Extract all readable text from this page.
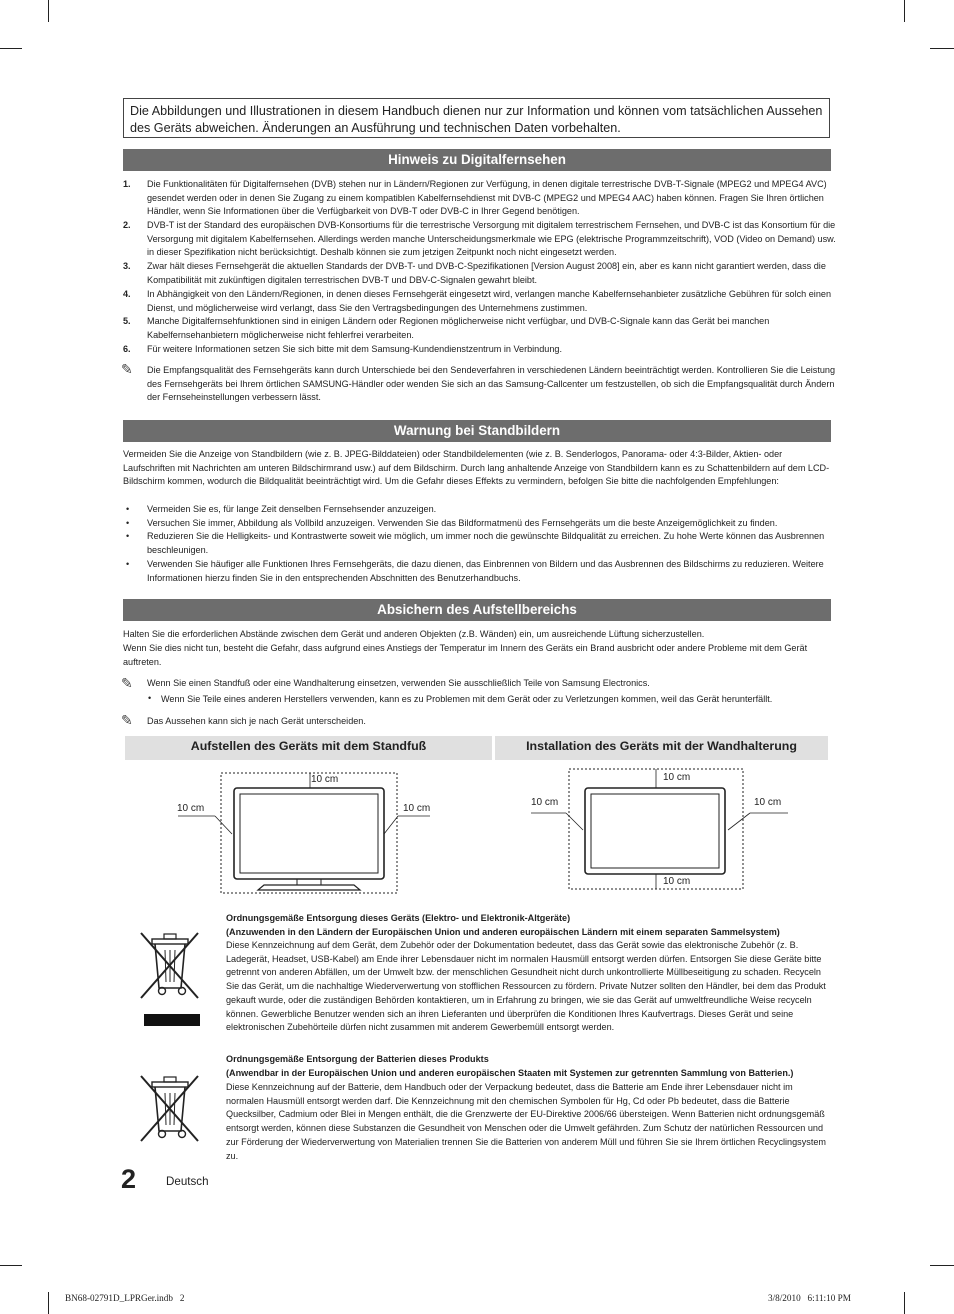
Die Abbildungen und Illustrationen in diesem Handbuch dienen nur zur Information und können vom tatsächlichen Aussehen des Geräts abweichen. Änderungen an Ausführung und technischen Daten vorbehalten.
Hinweis zu Digitalfernsehen
1. Die Funktionalitäten für Digitalfernsehen (DVB) stehen nur in Ländern/Regionen zur Verfügung, in denen digitale terrestrische DVB-T-Signale (MPEG2 und MPEG4 AVC) gesendet werden oder in denen Sie Zugang zu einem kompatiblen Kabelfernsehdienst mit DVB-C (MPEG2 und MPEG4 AAC) haben können. Fragen Sie Ihren örtlichen Händler, wenn Sie Informationen über die Verfügbarkeit von DVB-T oder DVB-C in Ihrer Gegend benötigen.
2. DVB-T ist der Standard des europäischen DVB-Konsortiums für die terrestrische Versorgung mit digitalem terrestrischem Fernsehen, und DVB-C ist das Konsortium für die Versorgung mit digitalem Kabelfernsehen. Allerdings werden manche Unterscheidungsmerkmale wie EPG (elektrische Programmzeitschrift), VOD (Video on Demand) usw. in dieser Spezifikation nicht berücksichtigt. Deshalb können sie zum jetzigen Zeitpunkt noch nicht eingesetzt werden.
3. Zwar hält dieses Fernsehgerät die aktuellen Standards der DVB-T- und DVB-C-Spezifikationen [Version August 2008] ein, aber es kann nicht garantiert werden, dass die Kompatibilität mit zukünftigen digitalen terrestrischen DVB-T und DBV-C-Signalen gewahrt bleibt.
4. In Abhängigkeit von den Ländern/Regionen, in denen dieses Fernsehgerät eingesetzt wird, verlangen manche Kabelfernsehanbieter zusätzliche Gebühren für solch einen Dienst, und möglicherweise wird verlangt, dass Sie den Vertragsbedingungen des Unternehmens zustimmen.
5. Manche Digitalfernsehfunktionen sind in einigen Ländern oder Regionen möglicherweise nicht verfügbar, und DVB-C-Signale kann das Gerät bei manchen Kabelfernsehanbietern möglicherweise nicht fehlerfrei verarbeiten.
6. Für weitere Informationen setzen Sie sich bitte mit dem Samsung-Kundendienstzentrum in Verbindung.
✎ Die Empfangsqualität des Fernsehgeräts kann durch Unterschiede bei den Sendeverfahren in verschiedenen Ländern beeinträchtigt werden. Kontrollieren Sie die Leistung des Fernsehgeräts bei Ihrem örtlichen SAMSUNG-Händler oder wenden Sie sich an das Samsung-Callcenter um festzustellen, ob sich die Empfangsqualität durch Ändern der Fernseheinstellungen verbessern lässt.
Warnung bei Standbildern
Vermeiden Sie die Anzeige von Standbildern (wie z. B. JPEG-Bilddateien) oder Standbildelementen (wie z. B. Senderlogos, Panorama- oder 4:3-Bilder, Aktien- oder Laufschriften mit Nachrichten am unteren Bildschirmrand usw.) auf dem Bildschirm. Durch lang anhaltende Anzeige von Standbildern kann es zu Schattenbildern auf dem LCD-Bildschirm kommen, wodurch die Bildqualität beeinträchtigt wird. Um die Gefahr dieses Effekts zu vermindern, befolgen Sie bitte die nachfolgenden Empfehlungen:
• Vermeiden Sie es, für lange Zeit denselben Fernsehsender anzuzeigen.
• Versuchen Sie immer, Abbildung als Vollbild anzuzeigen. Verwenden Sie das Bildformatmenü des Fernsehgeräts um die beste Anzeigemöglichkeit zu finden.
• Reduzieren Sie die Helligkeits- und Kontrastwerte soweit wie möglich, um immer noch die gewünschte Bildqualität zu erreichen. Zu hohe Werte können das Ausbrennen beschleunigen.
• Verwenden Sie häufiger alle Funktionen Ihres Fernsehgeräts, die dazu dienen, das Einbrennen von Bildern und das Ausbrennen des Bildschirms zu reduzieren. Weitere Informationen hierzu finden Sie in den entsprechenden Abschnitten des Benutzerhandbuchs.
Absichern des Aufstellbereichs
Halten Sie die erforderlichen Abstände zwischen dem Gerät und anderen Objekten (z.B. Wänden) ein, um ausreichende Lüftung sicherzustellen.
Wenn Sie dies nicht tun, besteht die Gefahr, dass aufgrund eines Anstiegs der Temperatur im Innern des Geräts ein Brand ausbricht oder andere Probleme mit dem Gerät auftreten.
✎ Wenn Sie einen Standfuß oder eine Wandhalterung einsetzen, verwenden Sie ausschließlich Teile von Samsung Electronics.
• Wenn Sie Teile eines anderen Herstellers verwenden, kann es zu Problemen mit dem Gerät oder zu Verletzungen kommen, weil das Gerät herunterfällt.
✎ Das Aussehen kann sich je nach Gerät unterscheiden.
Aufstellen des Geräts mit dem Standfuß	Installation des Geräts mit der Wandhalterung
10 cm
10 cm	10 cm
10 cm
10 cm	10 cm
10 cm
Ordnungsgemäße Entsorgung dieses Geräts (Elektro- und Elektronik-Altgeräte)
(Anzuwenden in den Ländern der Europäischen Union und anderen europäischen Ländern mit einem separaten Sammelsystem)
Diese Kennzeichnung auf dem Gerät, dem Zubehör oder der Dokumentation bedeutet, dass das Gerät sowie das elektronische Zubehör (z. B. Ladegerät, Headset, USB-Kabel) am Ende ihrer Lebensdauer nicht im normalen Hausmüll entsorgt werden dürfen. Entsorgen Sie diese Geräte bitte getrennt von anderen Abfällen, um der Umwelt bzw. der menschlichen Gesundheit nicht durch unkontrollierte Müllbeseitigung zu schaden. Recyceln Sie das Gerät, um die nachhaltige Wiederverwertung von stofflichen Ressourcen zu fördern. Private Nutzer sollten den Händler, bei dem das Produkt gekauft wurde, oder die zuständigen Behörden kontaktieren, um in Erfahrung zu bringen, wie sie das Gerät auf umweltfreundliche Weise recyceln können. Gewerbliche Benutzer wenden sich an ihren Lieferanten und überprüfen die Konditionen Ihres Kaufvertrags. Dieses Gerät und seine elektronischen Zubehörteile dürfen nicht zusammen mit anderem Gewerbemüll entsorgt werden.
Ordnungsgemäße Entsorgung der Batterien dieses Produkts
(Anwendbar in der Europäischen Union und anderen europäischen Staaten mit Systemen zur getrennten Sammlung von Batterien.)
Diese Kennzeichnung auf der Batterie, dem Handbuch oder der Verpackung bedeutet, dass die Batterie am Ende ihrer Lebensdauer nicht im normalen Hausmüll entsorgt werden darf. Die Kennzeichnung mit den chemischen Symbolen für Hg, Cd oder Pb bedeutet, dass die Batterie Quecksilber, Cadmium oder Blei in Mengen enthält, die die Grenzwerte der EU-Direktive 2006/66 übersteigen. Wenn Batterien nicht ordnungsgemäß entsorgt werden, können diese Substanzen die Gesundheit von Menschen oder die Umwelt gefährden. Zum Schutz der natürlichen Ressourcen und zur Förderung der Wiederverwertung von Materialien trennen Sie die Batterien von anderem Müll und führen Sie sie Ihrem örtlichen Recyclingsystem zu.
2	Deutsch
BN68-02791D_LPRGer.indb   2	3/8/2010   6:11:10 PM
